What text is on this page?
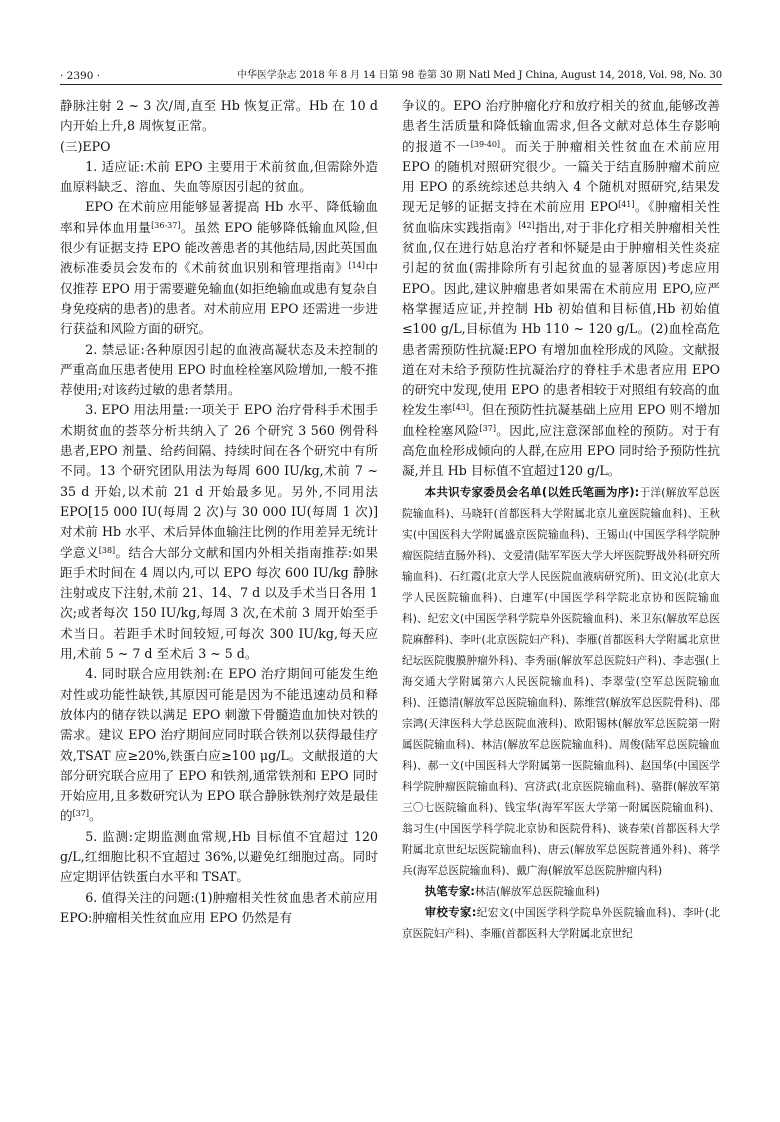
· 2390 ·	中华医学杂志 2018 年 8 月 14 日第 98 卷第 30 期 Natl Med J China, August 14, 2018, Vol. 98, No. 30

静脉注射 2 ~ 3 次/周,直至 Hb 恢复正常。Hb 在 10 d内开始上升,8 周恢复正常。

(三)EPO

1. 适应证:术前 EPO 主要用于术前贫血,但需除外造血原料缺乏、溶血、失血等原因引起的贫血。

EPO 在术前应用能够显著提高 Hb 水平、降低输血率和异体血用量[36-37]。虽然 EPO 能够降低输血风险,但很少有证据支持 EPO 能改善患者的其他结局,因此英国血液标准委员会发布的《术前贫血识别和管理指南》[14]中仅推荐 EPO 用于需要避免输血(如拒绝输血或患有复杂自身免疫病的患者)的患者。对术前应用 EPO 还需进一步进行获益和风险方面的研究。

2. 禁忌证:各种原因引起的血液高凝状态及未控制的严重高血压患者使用 EPO 时血栓栓塞风险增加,一般不推荐使用;对该药过敏的患者禁用。

3. EPO 用法用量:一项关于 EPO 治疗骨科手术围手术期贫血的荟萃分析共纳入了 26 个研究 3 560 例骨科患者,EPO 剂量、给药间隔、持续时间在各个研究中有所不同。13 个研究团队用法为每周 600 IU/kg,术前 7 ~ 35 d 开始,以术前 21 d 开始最多见。另外,不同用法 EPO[15 000 IU(每周 2 次)与 30 000 IU(每周 1 次)]对术前 Hb 水平、术后异体血输注比例的作用差异无统计学意义[38]。结合大部分文献和国内外相关指南推荐:如果距手术时间在 4 周以内,可以 EPO 每次 600 IU/kg 静脉注射或皮下注射,术前 21、14、7 d 以及手术当日各用 1 次;或者每次 150 IU/kg,每周 3 次,在术前 3 周开始至手术当日。若距手术时间较短,可每次 300 IU/kg,每天应用,术前 5 ~ 7 d 至术后 3 ~ 5 d。

4. 同时联合应用铁剂:在 EPO 治疗期间可能发生绝对性或功能性缺铁,其原因可能是因为不能迅速动员和释放体内的储存铁以满足 EPO 刺激下骨髓造血加快对铁的需求。建议 EPO 治疗期间应同时联合铁剂以获得最佳疗效,TSAT 应≥20%,铁蛋白应≥100 μg/L。文献报道的大部分研究联合应用了 EPO 和铁剂,通常铁剂和 EPO 同时开始应用,且多数研究认为 EPO 联合静脉铁剂疗效是最佳的[37]。

5. 监测:定期监测血常规,Hb 目标值不宜超过 120 g/L,红细胞比积不宜超过 36%,以避免红细胞过高。同时应定期评估铁蛋白水平和 TSAT。

6. 值得关注的问题:(1)肿瘤相关性贫血患者术前应用 EPO:肿瘤相关性贫血应用 EPO 仍然是有

争议的。EPO 治疗肿瘤化疗和放疗相关的贫血,能够改善患者生活质量和降低输血需求,但各文献对总体生存影响的报道不一[39-40]。而关于肿瘤相关性贫血在术前应用 EPO 的随机对照研究很少。一篇关于结直肠肿瘤术前应用 EPO 的系统综述总共纳入 4 个随机对照研究,结果发现无足够的证据支持在术前应用 EPO[41]。《肿瘤相关性贫血临床实践指南》[42]指出,对于非化疗相关肿瘤相关性贫血,仅在进行姑息治疗者和怀疑是由于肿瘤相关性炎症引起的贫血(需排除所有引起贫血的显著原因)考虑应用 EPO。因此,建议肿瘤患者如果需在术前应用 EPO,应严格掌握适应证,并控制 Hb 初始值和目标值,Hb 初始值≤100 g/L,目标值为 Hb 110 ~ 120 g/L。(2)血栓高危患者需预防性抗凝:EPO 有增加血栓形成的风险。文献报道在对未给予预防性抗凝治疗的脊柱手术患者应用 EPO 的研究中发现,使用 EPO 的患者相较于对照组有较高的血栓发生率[43]。但在预防性抗凝基础上应用 EPO 则不增加血栓栓塞风险[37]。因此,应注意深部血栓的预防。对于有高危血栓形成倾向的人群,在应用 EPO 同时给予预防性抗凝,并且 Hb 目标值不宜超过120 g/L。

本共识专家委员会名单(以姓氏笔画为序):于洋(解放军总医院输血科)、马晓轩(首都医科大学附属北京儿童医院输血科)、王秋实(中国医科大学附属盛京医院输血科)、王锡山(中国医学科学院肿瘤医院结直肠外科)、文爱清(陆军军医大学大坪医院野战外科研究所输血科)、石红霞(北京大学人民医院血液病研究所)、田文沁(北京大学人民医院输血科)、白連军(中国医学科学院北京协和医院输血科)、纪宏文(中国医学科学院阜外医院输血科)、米卫东(解放军总医院麻醉科)、李叶(北京医院妇产科)、李雁(首都医科大学附属北京世纪坛医院腹膜肿瘤外科)、李秀丽(解放军总医院妇产科)、李志强(上海交通大学附属第六人民医院输血科)、李翠莹(空军总医院输血科)、汪德清(解放军总医院输血科)、陈维营(解放军总医院骨科)、邵宗鸿(天津医科大学总医院血液科)、欧阳锡林(解放军总医院第一附属医院输血科)、林洁(解放军总医院输血科)、周俊(陆军总医院输血科)、郝一文(中国医科大学附属第一医院输血科)、赵国华(中国医学科学院肿瘤医院输血科)、宫济武(北京医院输血科)、骆群(解放军第三〇七医院输血科)、钱宝华(海军军医大学第一附属医院输血科)、翁习生(中国医学科学院北京协和医院骨科)、谈春荣(首都医科大学附属北京世纪坛医院输血科)、唐云(解放军总医院普通外科)、蒋学兵(海军总医院输血科)、戴广海(解放军总医院肿瘤内科)

执笔专家:林洁(解放军总医院输血科)

审校专家:纪宏文(中国医学科学院阜外医院输血科)、李叶(北京医院妇产科)、李雁(首都医科大学附属北京世纪
